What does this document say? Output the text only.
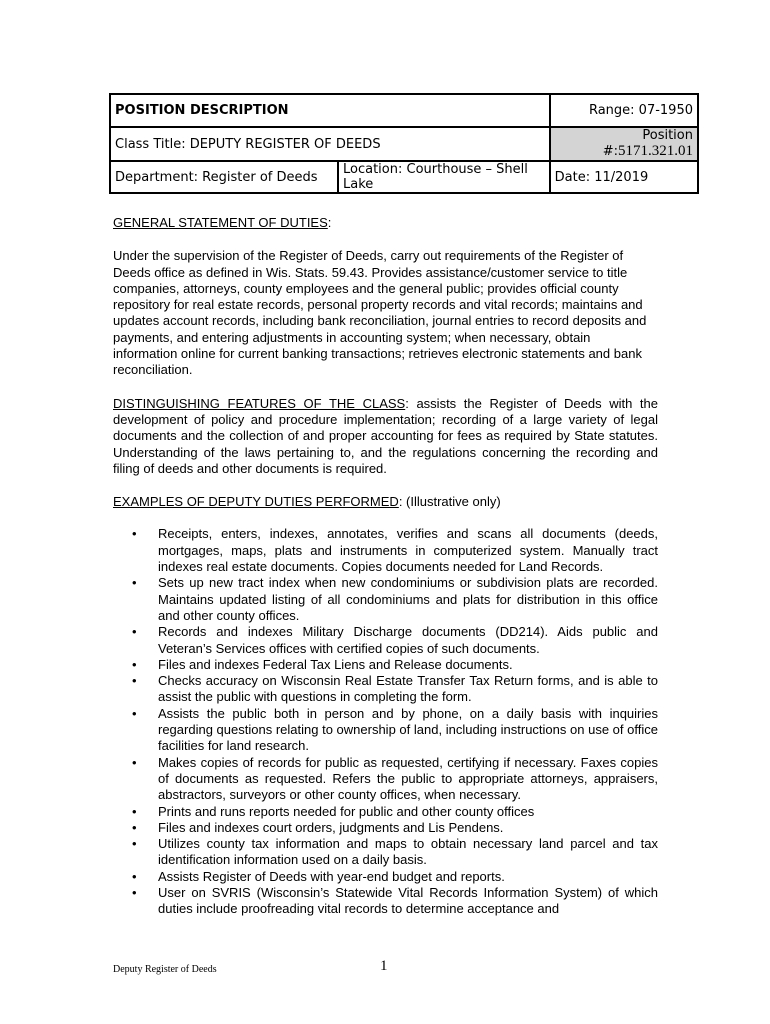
POSITION DESCRIPTION		Range: 07-1950
Class Title: DEPUTY REGISTER OF DEEDS		Position #:5171.321.01
Department: Register of Deeds	Location: Courthouse – Shell Lake	Date: 11/2019

GENERAL STATEMENT OF DUTIES:

Under the supervision of the Register of Deeds, carry out requirements of the Register of Deeds office as defined in Wis. Stats. 59.43. Provides assistance/customer service to title companies, attorneys, county employees and the general public; provides official county repository for real estate records, personal property records and vital records; maintains and updates account records, including bank reconciliation, journal entries to record deposits and payments, and entering adjustments in accounting system; when necessary, obtain information online for current banking transactions; retrieves electronic statements and bank reconciliation.

DISTINGUISHING FEATURES OF THE CLASS: assists the Register of Deeds with the development of policy and procedure implementation; recording of a large variety of legal documents and the collection of and proper accounting for fees as required by State statutes. Understanding of the laws pertaining to, and the regulations concerning the recording and filing of deeds and other documents is required.

EXAMPLES OF DEPUTY DUTIES PERFORMED: (Illustrative only)

• Receipts, enters, indexes, annotates, verifies and scans all documents (deeds, mortgages, maps, plats and instruments in computerized system. Manually tract indexes real estate documents. Copies documents needed for Land Records.
• Sets up new tract index when new condominiums or subdivision plats are recorded. Maintains updated listing of all condominiums and plats for distribution in this office and other county offices.
• Records and indexes Military Discharge documents (DD214). Aids public and Veteran’s Services offices with certified copies of such documents.
• Files and indexes Federal Tax Liens and Release documents.
• Checks accuracy on Wisconsin Real Estate Transfer Tax Return forms, and is able to assist the public with questions in completing the form.
• Assists the public both in person and by phone, on a daily basis with inquiries regarding questions relating to ownership of land, including instructions on use of office facilities for land research.
• Makes copies of records for public as requested, certifying if necessary. Faxes copies of documents as requested. Refers the public to appropriate attorneys, appraisers, abstractors, surveyors or other county offices, when necessary.
• Prints and runs reports needed for public and other county offices
• Files and indexes court orders, judgments and Lis Pendens.
• Utilizes county tax information and maps to obtain necessary land parcel and tax identification information used on a daily basis.
• Assists Register of Deeds with year-end budget and reports.
• User on SVRIS (Wisconsin’s Statewide Vital Records Information System) of which duties include proofreading vital records to determine acceptance and
Deputy Register of Deeds	1
